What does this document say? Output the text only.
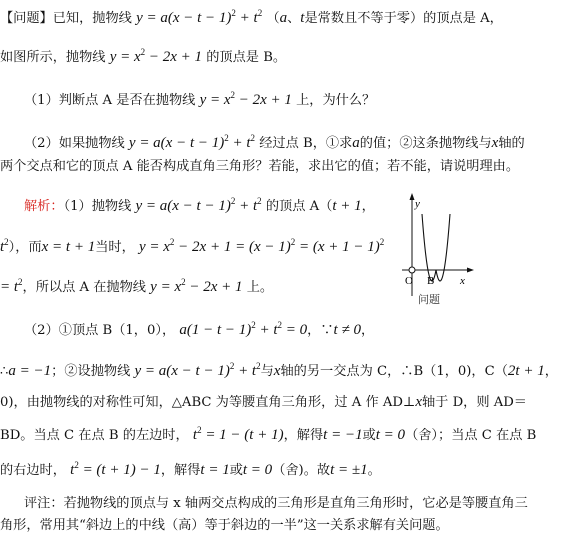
【问题】已知，抛物线 $y = a(x - t - 1)^2 + t^2$ （a、t是常数且不等于零）的顶点是 A，
如图所示，抛物线 $y = x^2 - 2x + 1$ 的顶点是 B。
（1）判断点 A 是否在抛物线 $y = x^2 - 2x + 1$ 上，为什么？
（2）如果抛物线 $y = a(x - t - 1)^2 + t^2$ 经过点 B，①求a的值；②这条抛物线与x轴的
两个交点和它的顶点 A 能否构成直角三角形？若能，求出它的值；若不能，请说明理由。
解析：（1）抛物线 $y = a(x - t - 1)^2 + t^2$ 的顶点 A（t + 1，
$t^2$），而x = t + 1当时， $y = x^2 - 2x + 1 = (x - 1)^2 = (x + 1 - 1)^2$
= $t^2$，所以点 A 在抛物线 $y = x^2 - 2x + 1$ 上。
（2）①顶点 B（1，0）， $a(1 - t - 1)^2 + t^2 = 0$，∵t ≠ 0，
∴a = −1；②设抛物线 $y = a(x - t - 1)^2 + t^2$与x轴的另一交点为 C，∴B（1，0)，C（2t + 1，
0)，由抛物线的对称性可知，△ABC 为等腰直角三角形，过 A 作 AD⊥x轴于 D，则 AD＝
BD。当点 C 在点 B 的左边时， $t^2 = 1 - (t + 1)$，解得t = −1或t = 0（舍）；当点 C 在点 B
的右边时， $t^2 = (t + 1) - 1$，解得t = 1或t = 0（舍)。故t = ±1。
评注：若抛物线的顶点与 x 轴两交点构成的三角形是直角三角形时，它必是等腰直角三
角形，常用其“斜边上的中线（高）等于斜边的一半”这一关系求解有关问题。
y
O B x
问题
